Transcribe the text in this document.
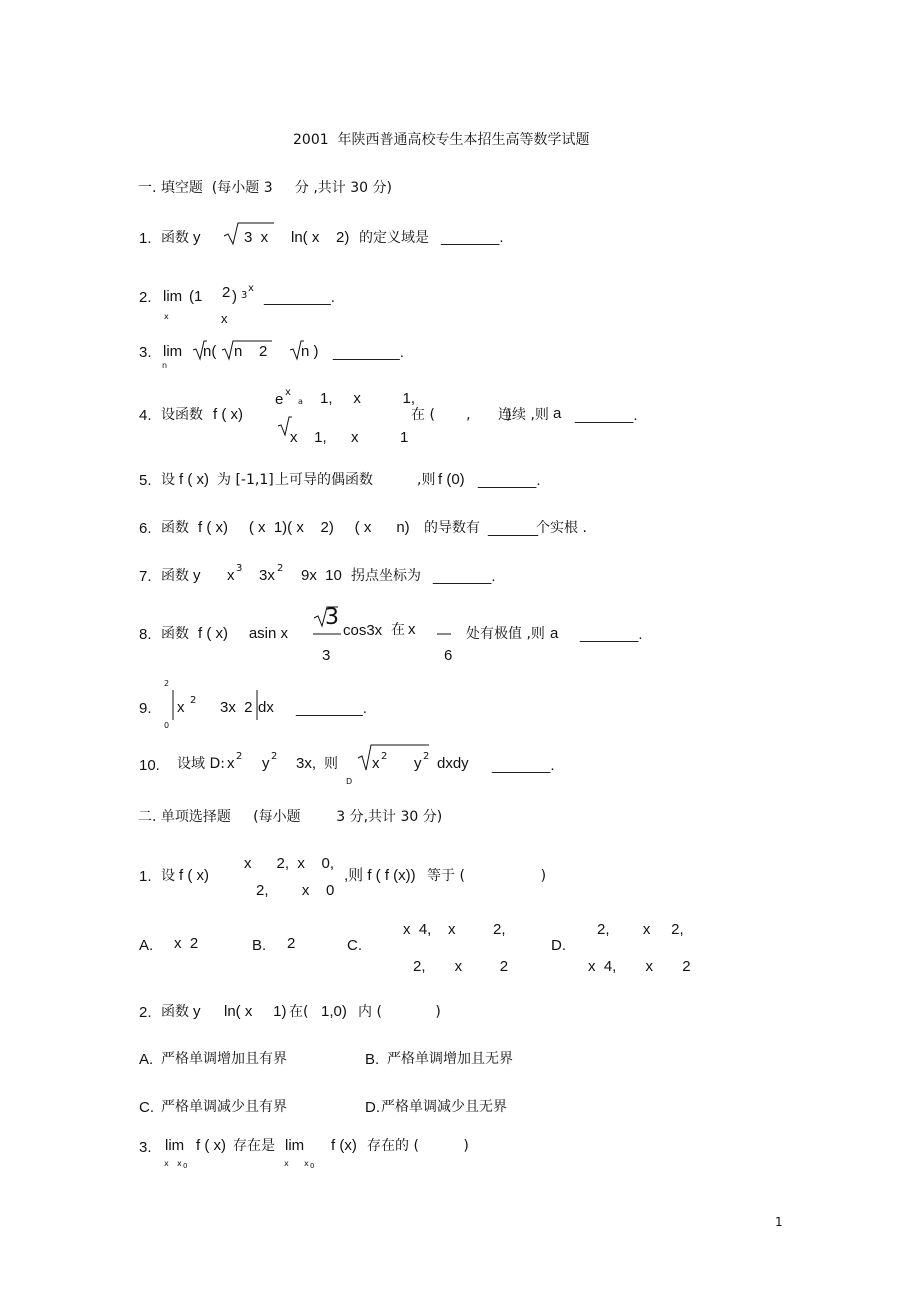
2001  年陕西普通高校专生本招生高等数学试题
一. 填空题  (每小题 3     分 ,共计 30 分)
1. 函数 y	3  x ln( x    2) 的定义域是 _______.
2. lim (1 2 ) 3
x
________.
x	x
3. lim
n
n( n    2 n ) ________.
4. 设函数 f ( x)
e x
a 1,     x          1,
x    1, x	1
在 (       ,        )
连续 ,则 a _______.
5. 设 f ( x) 为 [-1,1] 上可导的偶函数	,则 f (0) _______.
6. 函数 f ( x)     ( x  1)( x    2)     ( x      n) 的导数有 ______
个实根 .
7. 函数 y x 3 3x 2 9x  10 拐点坐标为 _______.
8. 函数 f ( x)     asin x
3
3
cos3x 在 x
6
处有极值 ,则 a _______.
9.
2
0
x 2 3x  2 dx ________.
10. 设域 D: x 2 y 2 3x, 则
D
x 2 y 2 dxdy _______.
二. 单项选择题     (每小题        3 分,共计 30 分)
1. 设 f ( x)
x      2,  x    0,
2,        x    0
,则 f ( f (x)) 等于 (                 )
A. x  2	B. 2	C.
x  4,    x         2,
2,       x         2
D.
2,        x     2,
x  4,       x       2
2. 函数 y ln( x     1) 在( 1,0) 内 (            )
A. 严格单调增加且有界	B. 严格单调增加且无界
C. 严格单调减少且有界	D. 严格单调减少且无界
3. lim f ( x) 存在是 lim f (x) 存在的 (          )
x x 0	x x 0
1
